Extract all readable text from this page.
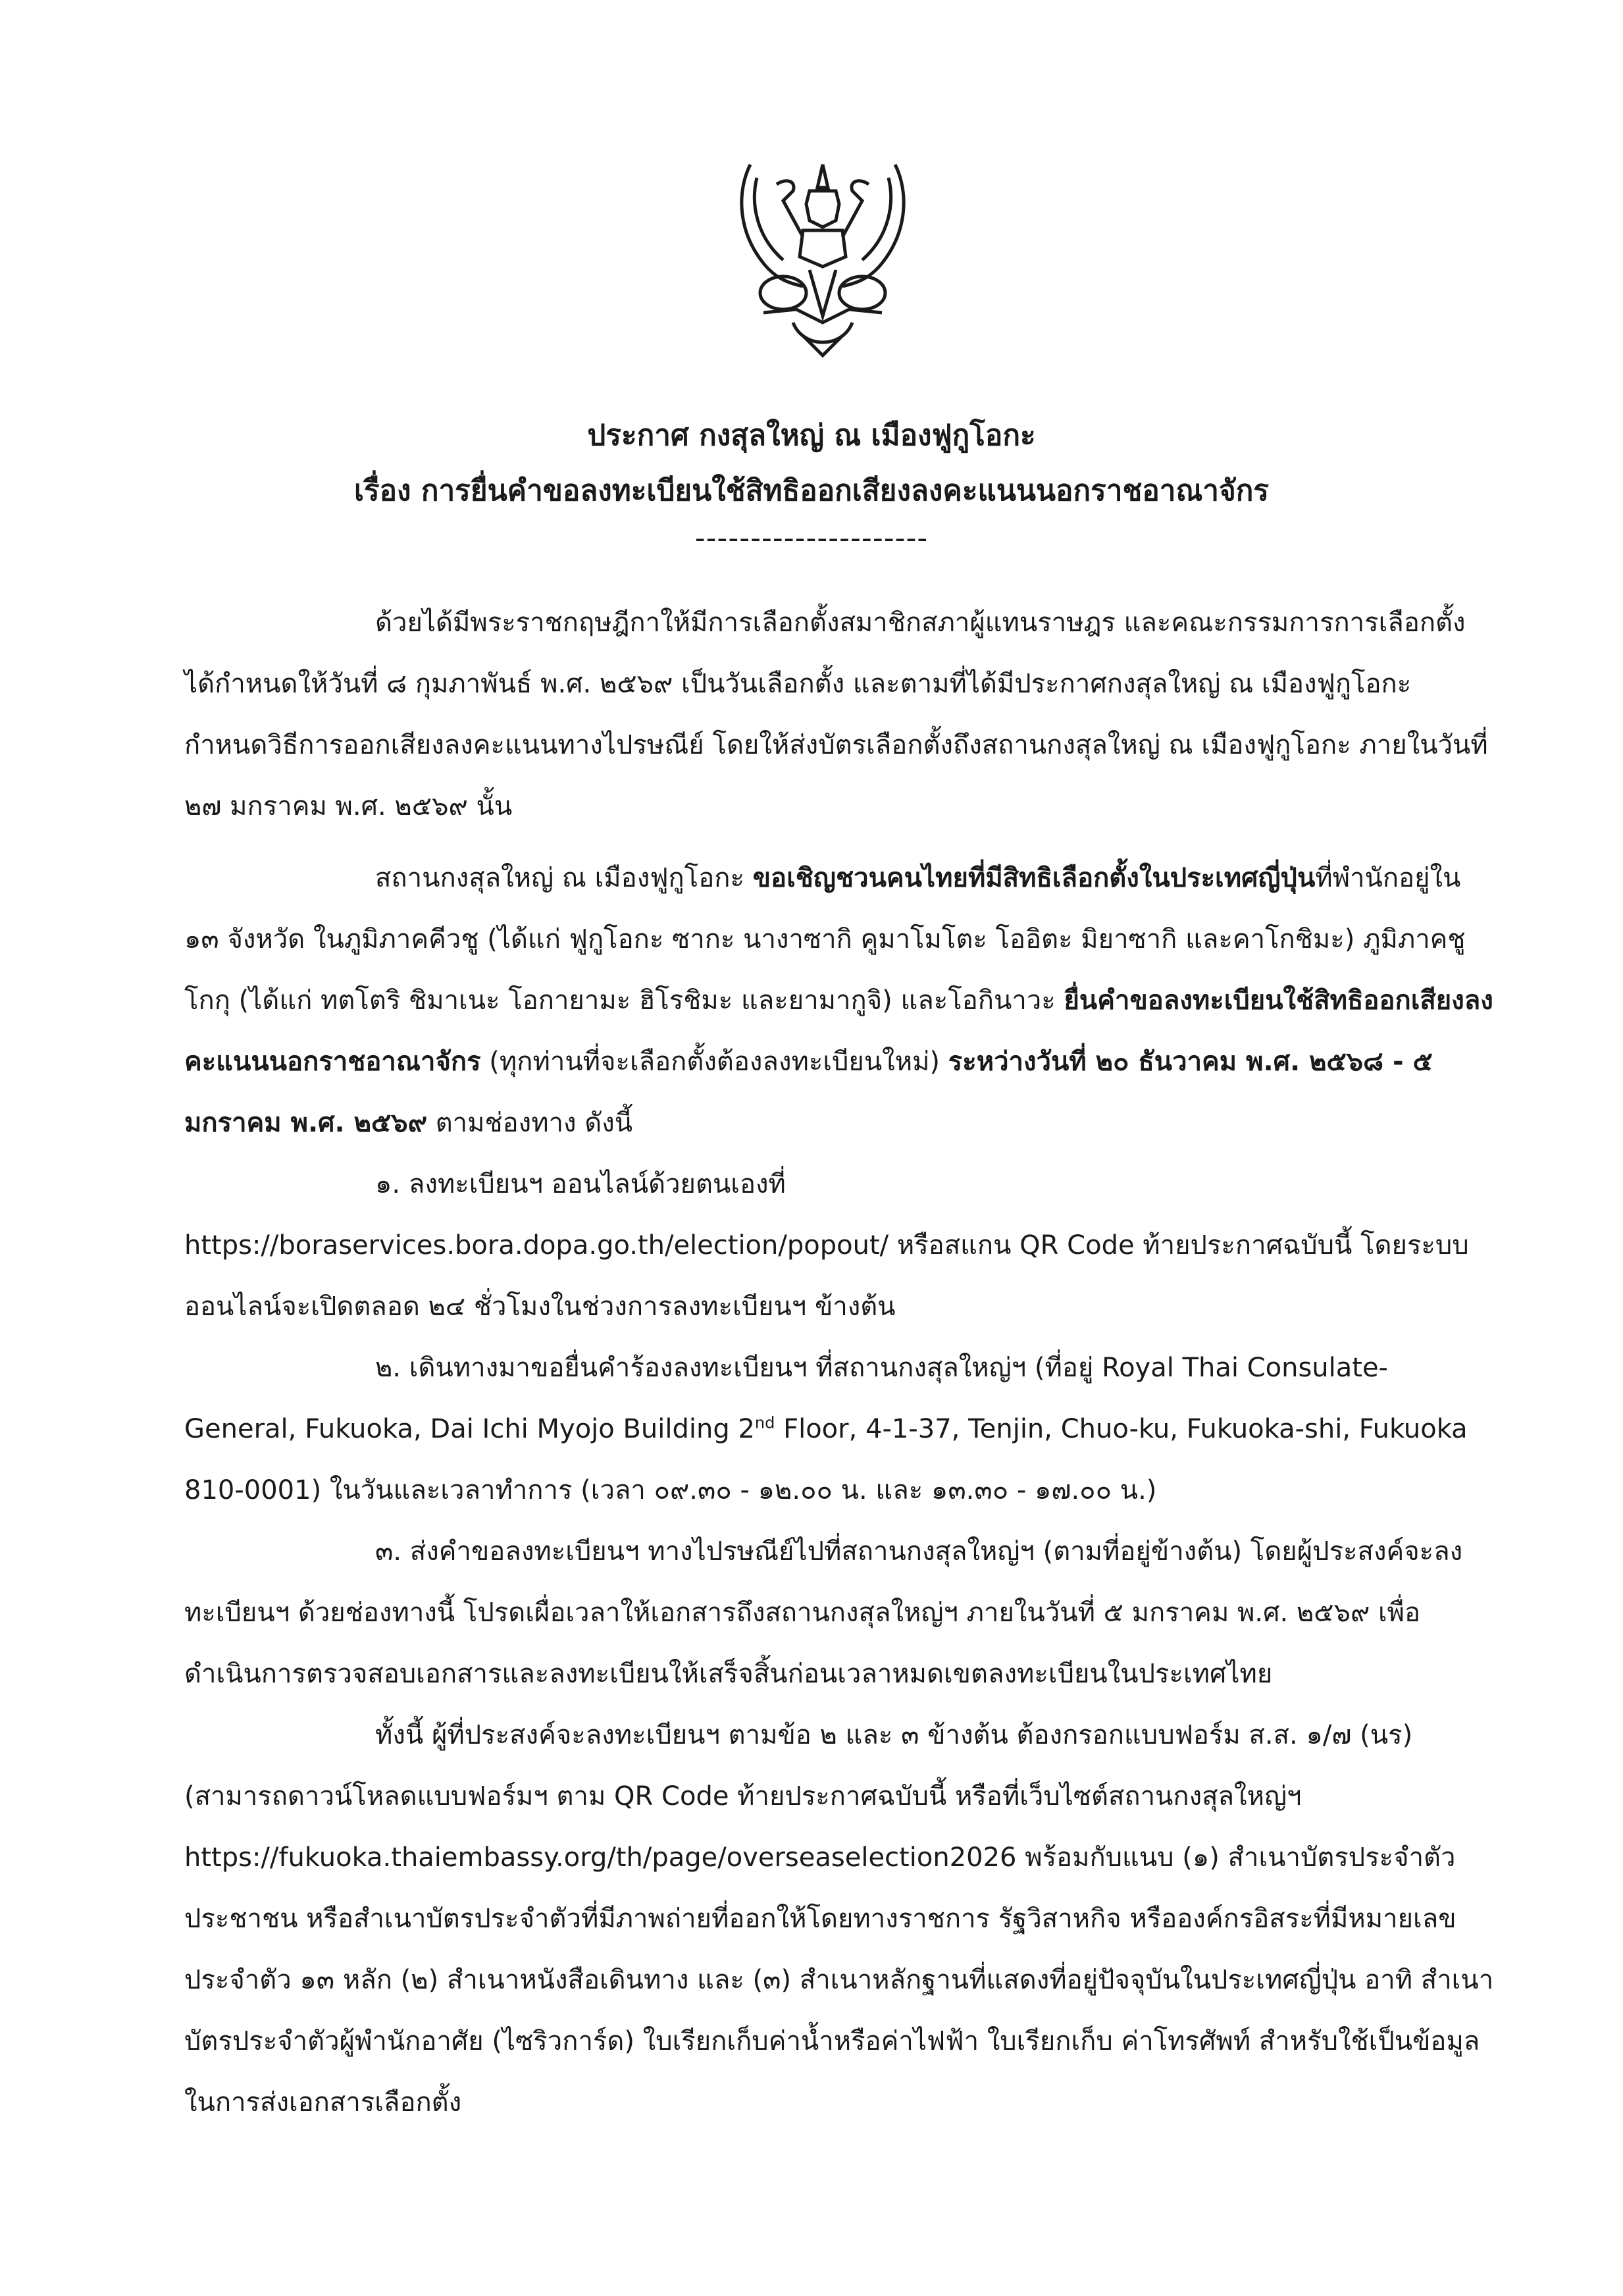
ประกาศ กงสุลใหญ่ ณ เมืองฟูกูโอกะ
เรื่อง การยื่นคำขอลงทะเบียนใช้สิทธิออกเสียงลงคะแนนนอกราชอาณาจักร
---------------------

ด้วยได้มีพระราชกฤษฎีกาให้มีการเลือกตั้งสมาชิกสภาผู้แทนราษฎร และคณะกรรมการการเลือกตั้งได้กำหนดให้วันที่ ๘ กุมภาพันธ์ พ.ศ. ๒๕๖๙ เป็นวันเลือกตั้ง และตามที่ได้มีประกาศกงสุลใหญ่ ณ เมืองฟูกูโอกะ กำหนดวิธีการออกเสียงลงคะแนนทางไปรษณีย์ โดยให้ส่งบัตรเลือกตั้งถึงสถานกงสุลใหญ่ ณ เมืองฟูกูโอกะ ภายในวันที่ ๒๗ มกราคม พ.ศ. ๒๕๖๙ นั้น

สถานกงสุลใหญ่ ณ เมืองฟูกูโอกะ ขอเชิญชวนคนไทยที่มีสิทธิเลือกตั้งในประเทศญี่ปุ่นที่พำนักอยู่ใน ๑๓ จังหวัด ในภูมิภาคคีวชู (ได้แก่ ฟูกูโอกะ ซากะ นางาซากิ คูมาโมโตะ โออิตะ มิยาซากิ และคาโกชิมะ) ภูมิภาคชูโกกุ (ได้แก่ ทตโตริ ชิมาเนะ โอกายามะ ฮิโรชิมะ และยามากูจิ) และโอกินาวะ ยื่นคำขอลงทะเบียนใช้สิทธิออกเสียงลงคะแนนนอกราชอาณาจักร (ทุกท่านที่จะเลือกตั้งต้องลงทะเบียนใหม่) ระหว่างวันที่ ๒๐ ธันวาคม พ.ศ. ๒๕๖๘ - ๕ มกราคม พ.ศ. ๒๕๖๙ ตามช่องทาง ดังนี้

๑. ลงทะเบียนฯ ออนไลน์ด้วยตนเองที่ https://boraservices.bora.dopa.go.th/election/popout/ หรือสแกน QR Code ท้ายประกาศฉบับนี้ โดยระบบออนไลน์จะเปิดตลอด ๒๔ ชั่วโมงในช่วงการลงทะเบียนฯ ข้างต้น

๒. เดินทางมาขอยื่นคำร้องลงทะเบียนฯ ที่สถานกงสุลใหญ่ฯ (ที่อยู่ Royal Thai Consulate-General, Fukuoka, Dai Ichi Myojo Building 2nd Floor, 4-1-37, Tenjin, Chuo-ku, Fukuoka-shi, Fukuoka 810-0001) ในวันและเวลาทำการ (เวลา ๐๙.๓๐ - ๑๒.๐๐ น. และ ๑๓.๓๐ - ๑๗.๐๐ น.)

๓. ส่งคำขอลงทะเบียนฯ ทางไปรษณีย์ไปที่สถานกงสุลใหญ่ฯ (ตามที่อยู่ข้างต้น) โดยผู้ประสงค์จะลงทะเบียนฯ ด้วยช่องทางนี้ โปรดเผื่อเวลาให้เอกสารถึงสถานกงสุลใหญ่ฯ ภายในวันที่ ๕ มกราคม พ.ศ. ๒๕๖๙ เพื่อดำเนินการตรวจสอบเอกสารและลงทะเบียนให้เสร็จสิ้นก่อนเวลาหมดเขตลงทะเบียนในประเทศไทย

ทั้งนี้ ผู้ที่ประสงค์จะลงทะเบียนฯ ตามข้อ ๒ และ ๓ ข้างต้น ต้องกรอกแบบฟอร์ม ส.ส. ๑/๗ (นร) (สามารถดาวน์โหลดแบบฟอร์มฯ ตาม QR Code ท้ายประกาศฉบับนี้ หรือที่เว็บไซต์สถานกงสุลใหญ่ฯ https://fukuoka.thaiembassy.org/th/page/overseaselection2026 พร้อมกับแนบ (๑) สำเนาบัตรประจำตัวประชาชน หรือสำเนาบัตรประจำตัวที่มีภาพถ่ายที่ออกให้โดยทางราชการ รัฐวิสาหกิจ หรือองค์กรอิสระที่มีหมายเลขประจำตัว ๑๓ หลัก (๒) สำเนาหนังสือเดินทาง และ (๓) สำเนาหลักฐานที่แสดงที่อยู่ปัจจุบันในประเทศญี่ปุ่น อาทิ สำเนาบัตรประจำตัวผู้พำนักอาศัย (ไซริวการ์ด) ใบเรียกเก็บค่าน้ำหรือค่าไฟฟ้า ใบเรียกเก็บ ค่าโทรศัพท์ สำหรับใช้เป็นข้อมูลในการส่งเอกสารเลือกตั้ง
